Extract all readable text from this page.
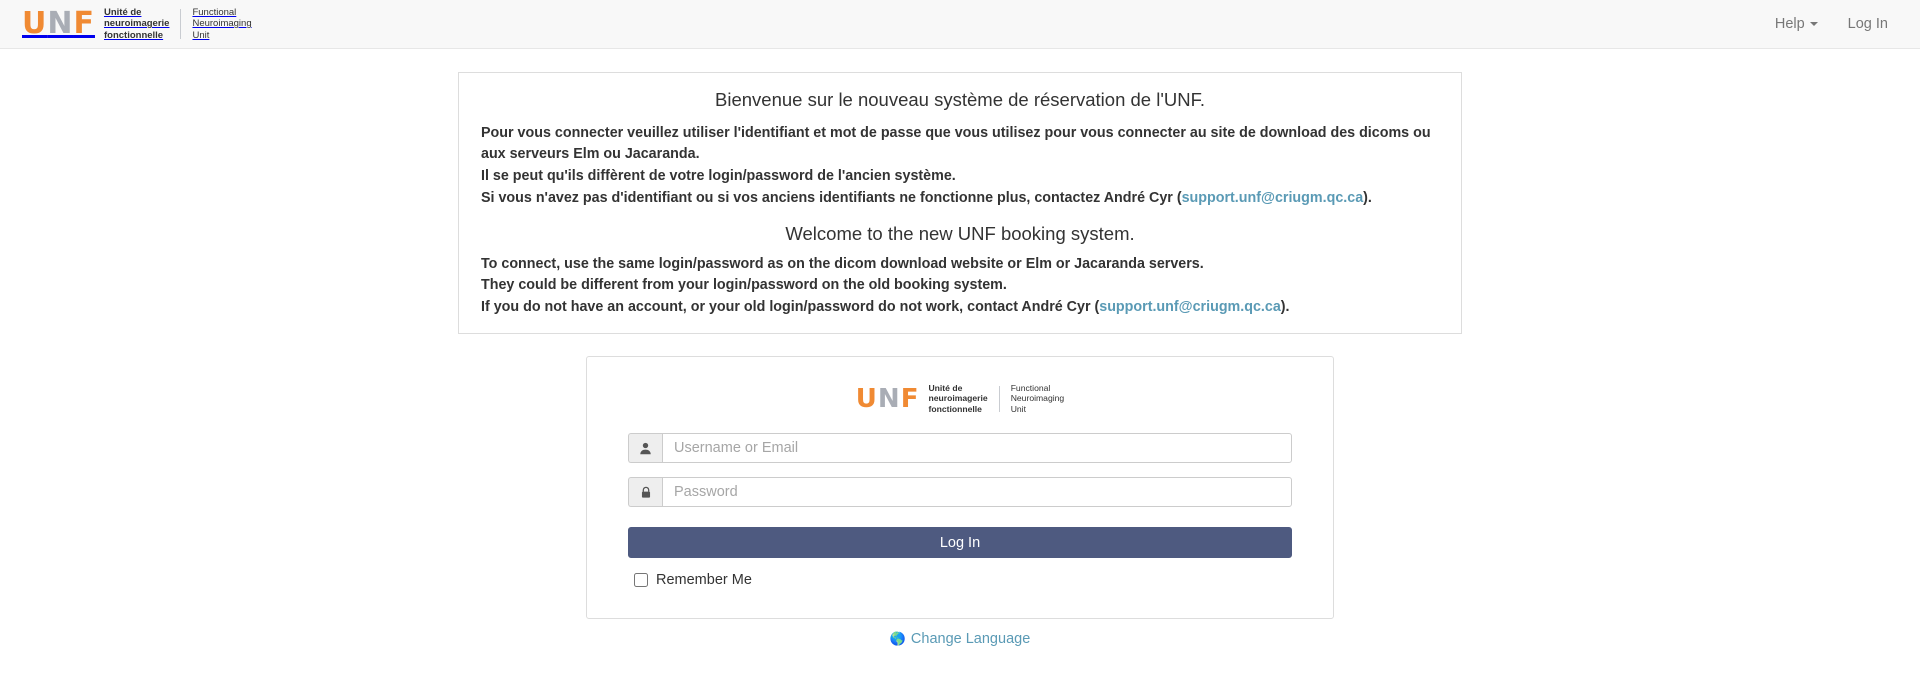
UNF Unité de
neuroimagerie
fonctionnelle
Functional
Neuroimaging
Unit
Help	Log In
Bienvenue sur le nouveau système de réservation de l'UNF.
Pour vous connecter veuillez utiliser l'identifiant et mot de passe que vous utilisez pour vous connecter au site de download des dicoms ou aux serveurs Elm ou Jacaranda.
Il se peut qu'ils diffèrent de votre login/password de l'ancien système.
Si vous n'avez pas d'identifiant ou si vos anciens identifiants ne fonctionne plus, contactez André Cyr (support.unf@criugm.qc.ca).
Welcome to the new UNF booking system.
To connect, use the same login/password as on the dicom download website or Elm or Jacaranda servers.
They could be different from your login/password on the old booking system.
If you do not have an account, or your old login/password do not work, contact André Cyr (support.unf@criugm.qc.ca).
UNF Unité de
neuroimagerie
fonctionnelle
Functional
Neuroimaging
Unit
Username or Email
Log In
Remember Me
🌎 Change Language
